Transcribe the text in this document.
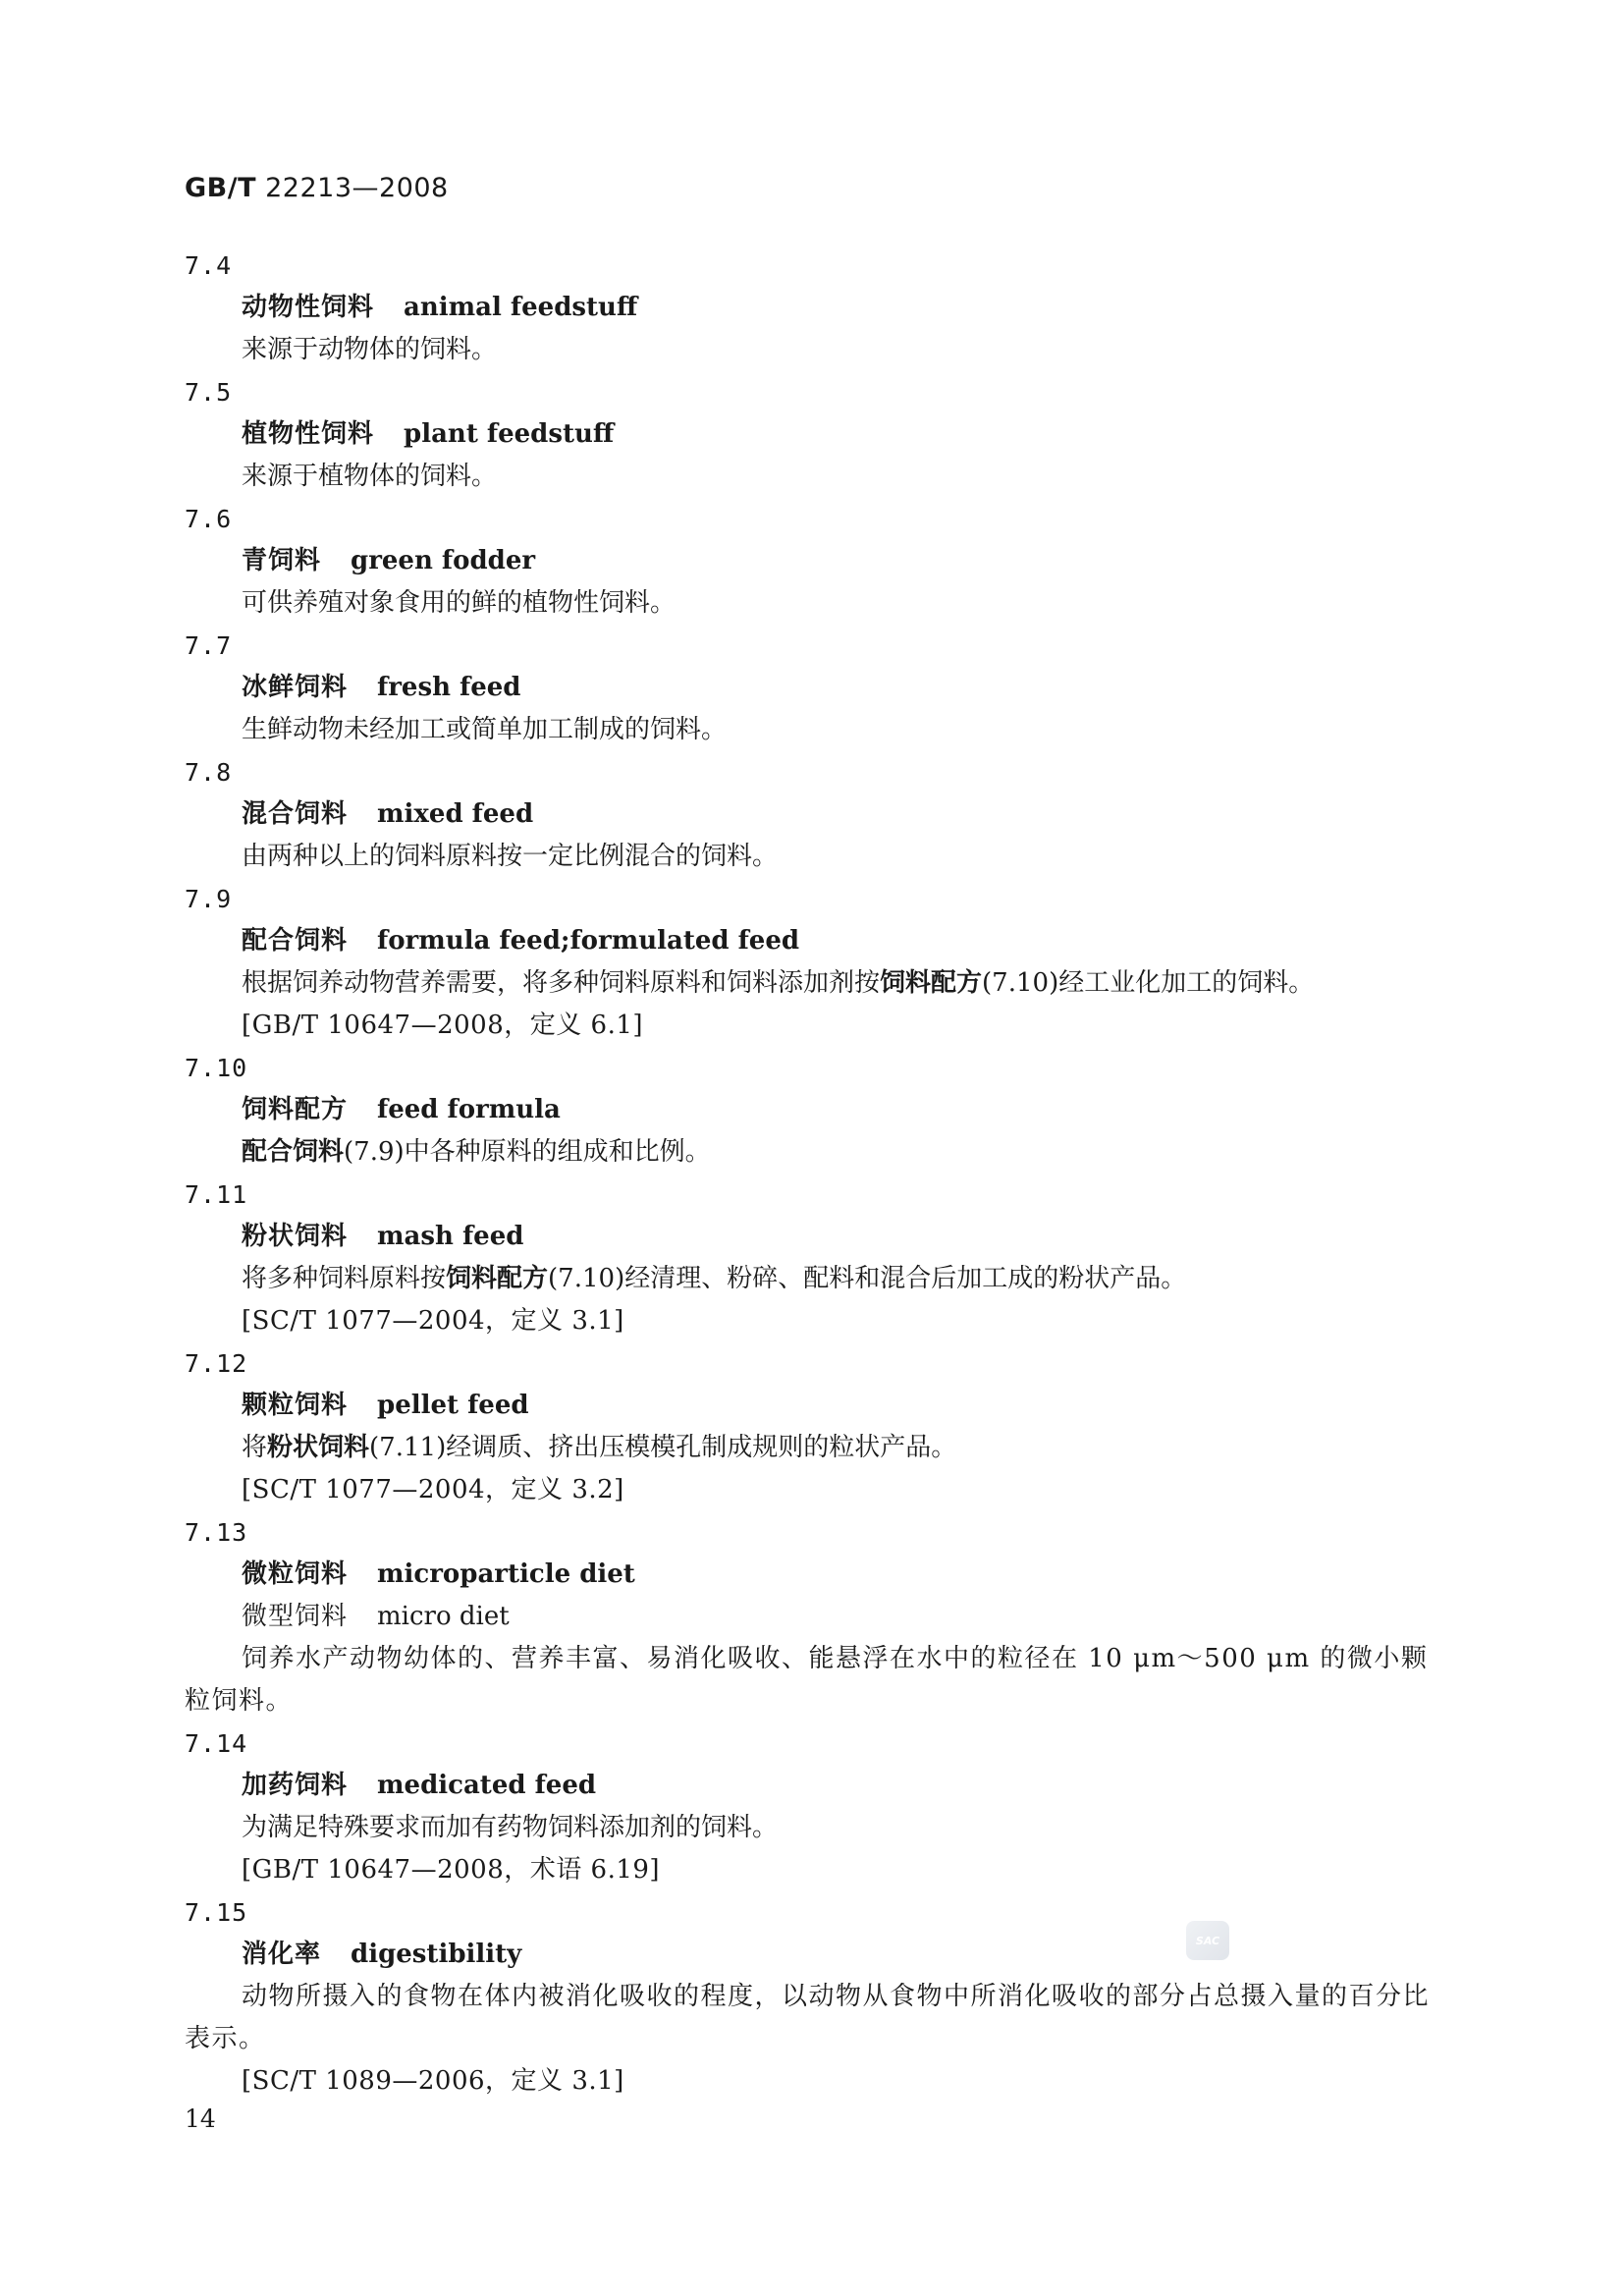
GB/T 22213—2008
7.4
动物性饲料 animal feedstuff
来源于动物体的饲料。
7.5
植物性饲料 plant feedstuff
来源于植物体的饲料。
7.6
青饲料 green fodder
可供养殖对象食用的鲜的植物性饲料。
7.7
冰鲜饲料 fresh feed
生鲜动物未经加工或简单加工制成的饲料。
7.8
混合饲料 mixed feed
由两种以上的饲料原料按一定比例混合的饲料。
7.9
配合饲料 formula feed;formulated feed
根据饲养动物营养需要，将多种饲料原料和饲料添加剂按饲料配方(7.10)经工业化加工的饲料。
[GB/T 10647—2008，定义 6.1]
7.10
饲料配方 feed formula
配合饲料(7.9)中各种原料的组成和比例。
7.11
粉状饲料 mash feed
将多种饲料原料按饲料配方(7.10)经清理、粉碎、配料和混合后加工成的粉状产品。
[SC/T 1077—2004，定义 3.1]
7.12
颗粒饲料 pellet feed
将粉状饲料(7.11)经调质、挤出压模模孔制成规则的粒状产品。
[SC/T 1077—2004，定义 3.2]
7.13
微粒饲料 microparticle diet
微型饲料 micro diet
饲养水产动物幼体的、营养丰富、易消化吸收、能悬浮在水中的粒径在 10 μm～500 μm 的微小颗粒饲料。
7.14
加药饲料 medicated feed
为满足特殊要求而加有药物饲料添加剂的饲料。
[GB/T 10647—2008，术语 6.19]
7.15
消化率 digestibility
动物所摄入的食物在体内被消化吸收的程度，以动物从食物中所消化吸收的部分占总摄入量的百分比表示。
[SC/T 1089—2006，定义 3.1]
SAC
14
